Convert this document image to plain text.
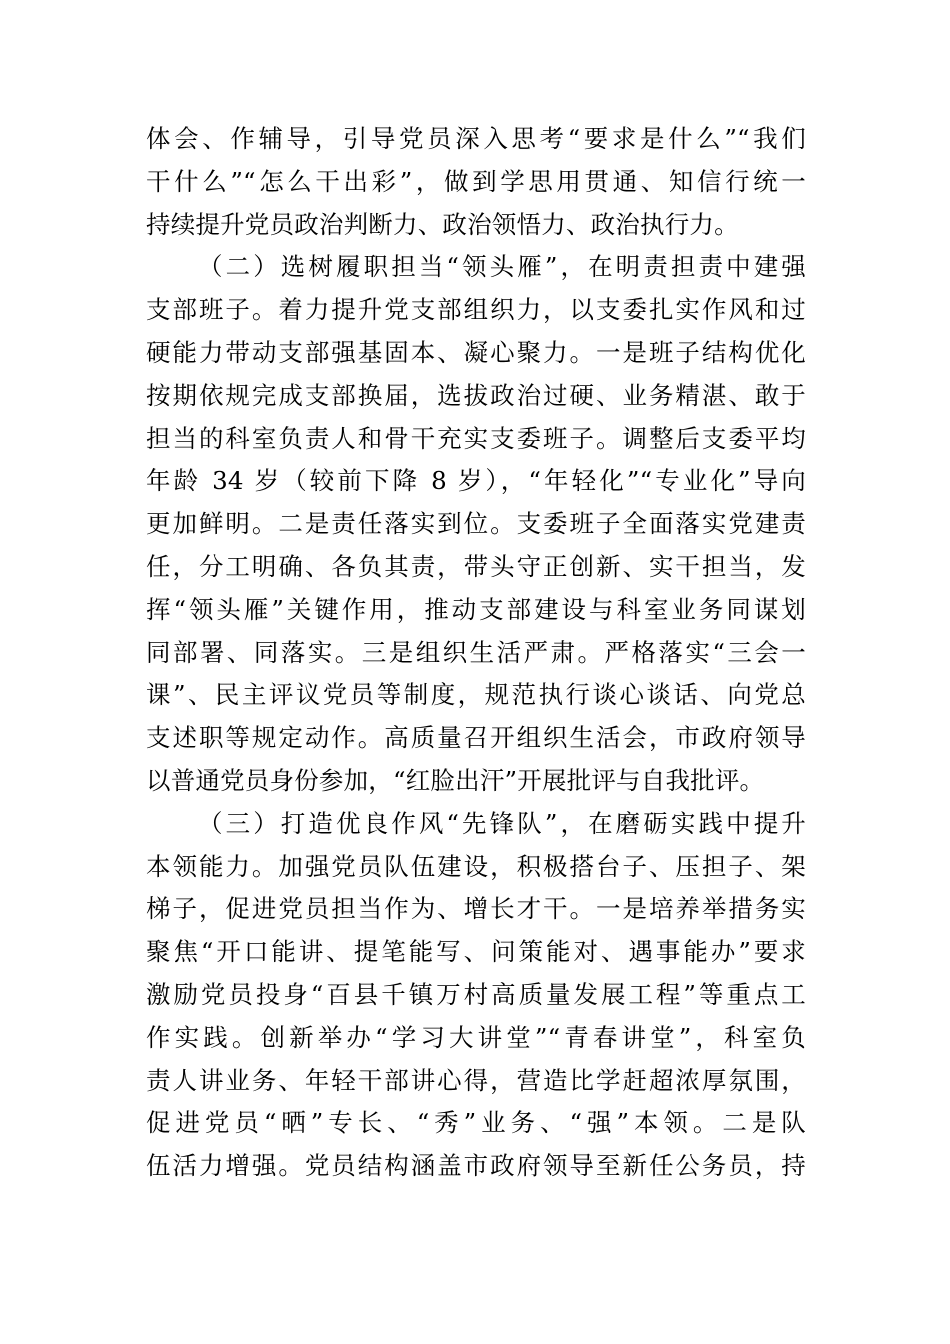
体会、作辅导，引导党员深入思考“要求是什么”“我们
干什么”“怎么干出彩”，做到学思用贯通、知信行统一
持续提升党员政治判断力、政治领悟力、政治执行力。
（二）选树履职担当“领头雁”，在明责担责中建强
支部班子。着力提升党支部组织力，以支委扎实作风和过
硬能力带动支部强基固本、凝心聚力。一是班子结构优化
按期依规完成支部换届，选拔政治过硬、业务精湛、敢于
担当的科室负责人和骨干充实支委班子。调整后支委平均
年龄 34 岁（较前下降 8 岁），“年轻化”“专业化”导向
更加鲜明。二是责任落实到位。支委班子全面落实党建责
任，分工明确、各负其责，带头守正创新、实干担当，发
挥“领头雁”关键作用，推动支部建设与科室业务同谋划
同部署、同落实。三是组织生活严肃。严格落实“三会一
课”、民主评议党员等制度，规范执行谈心谈话、向党总
支述职等规定动作。高质量召开组织生活会，市政府领导
以普通党员身份参加，“红脸出汗”开展批评与自我批评。
（三）打造优良作风“先锋队”，在磨砺实践中提升
本领能力。加强党员队伍建设，积极搭台子、压担子、架
梯子，促进党员担当作为、增长才干。一是培养举措务实
聚焦“开口能讲、提笔能写、问策能对、遇事能办”要求
激励党员投身“百县千镇万村高质量发展工程”等重点工
作实践。创新举办“学习大讲堂”“青春讲堂”，科室负
责人讲业务、年轻干部讲心得，营造比学赶超浓厚氛围，
促进党员“晒”专长、“秀”业务、“强”本领。二是队
伍活力增强。党员结构涵盖市政府领导至新任公务员，持
